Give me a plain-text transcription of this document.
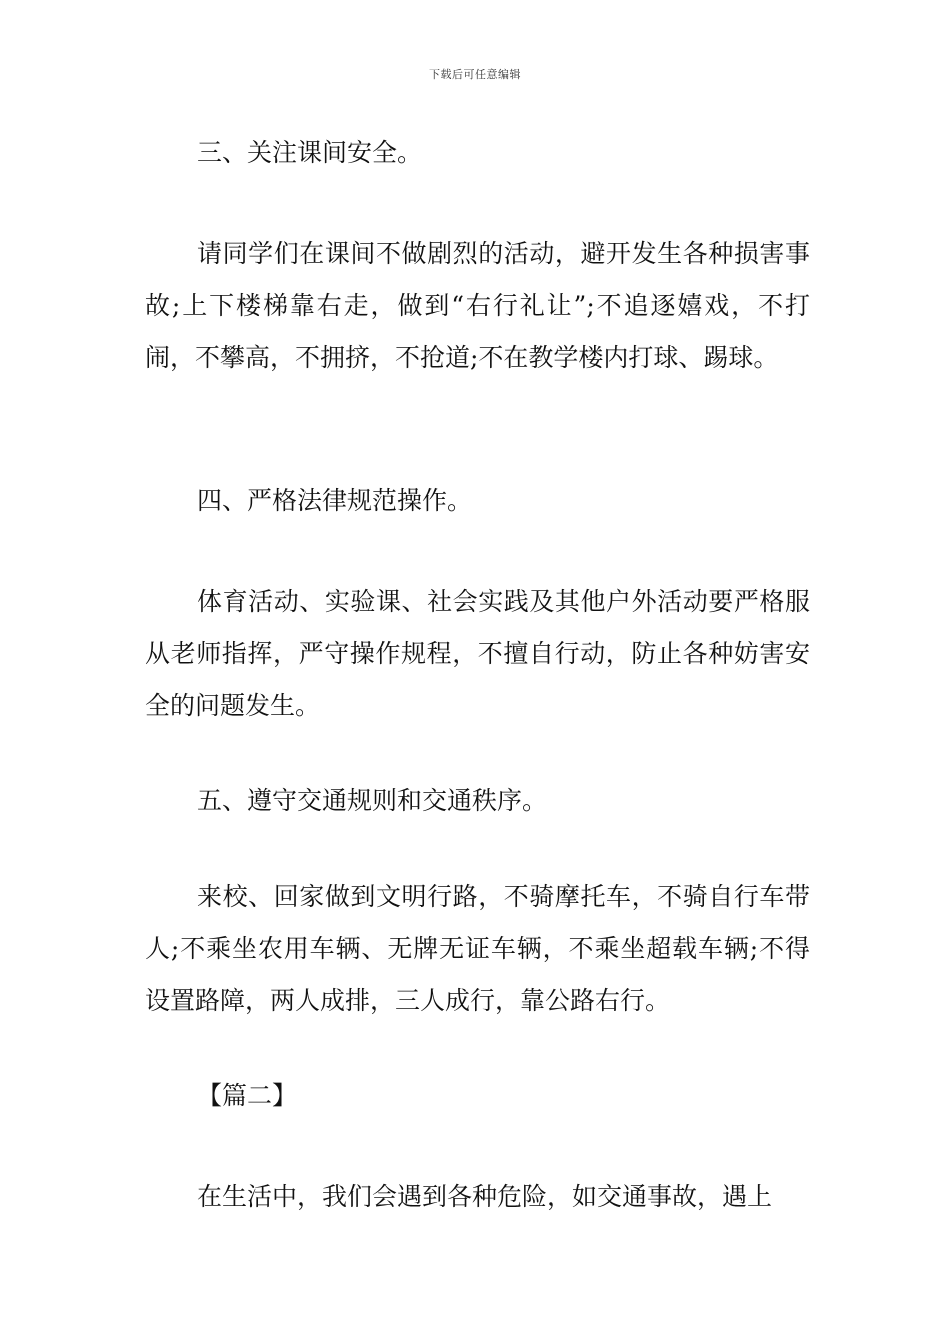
下载后可任意编辑
三、关注课间安全。
请同学们在课间不做剧烈的活动，避开发生各种损害事故;上下楼梯靠右走，做到“右行礼让”;不追逐嬉戏，不打闹，不攀高，不拥挤，不抢道;不在教学楼内打球、踢球。
四、严格法律规范操作。
体育活动、实验课、社会实践及其他户外活动要严格服从老师指挥，严守操作规程，不擅自行动，防止各种妨害安全的问题发生。
五、遵守交通规则和交通秩序。
来校、回家做到文明行路，不骑摩托车，不骑自行车带人;不乘坐农用车辆、无牌无证车辆，不乘坐超载车辆;不得设置路障，两人成排，三人成行，靠公路右行。
【篇二】
在生活中，我们会遇到各种危险，如交通事故，遇上
